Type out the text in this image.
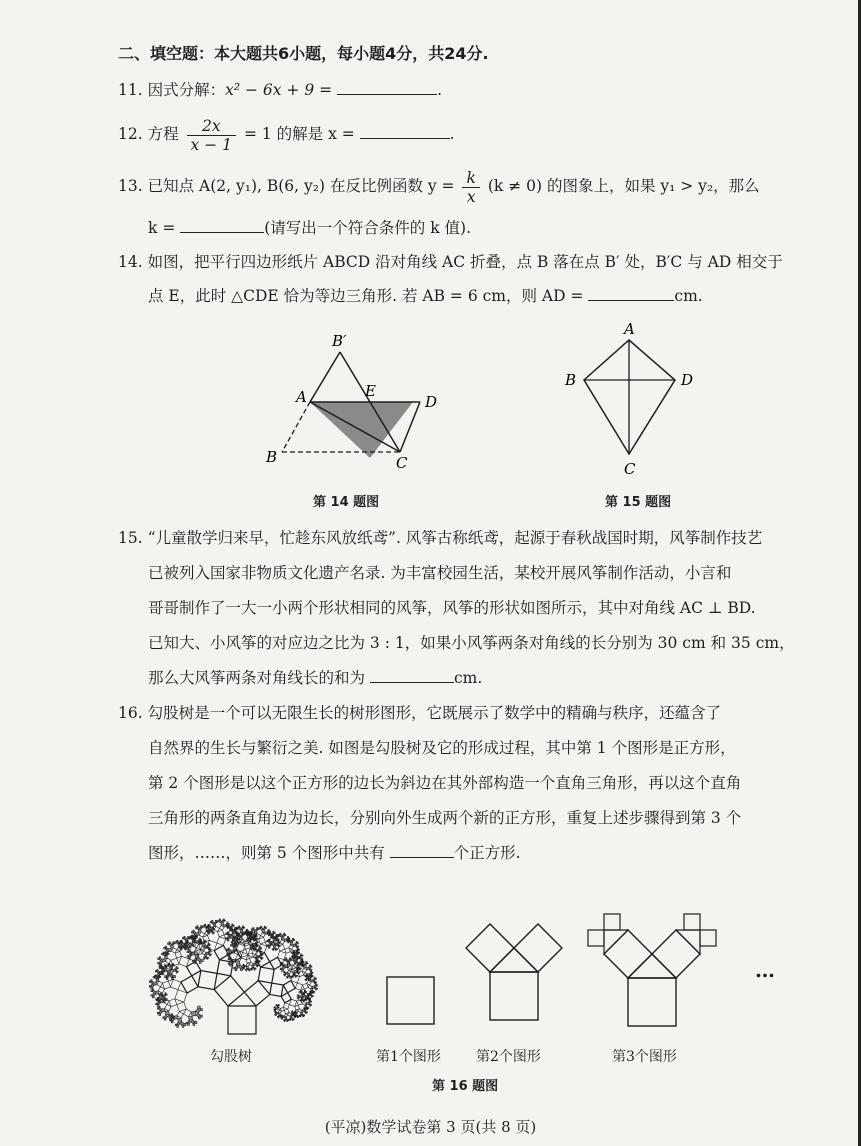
二、填空题：本大题共6小题，每小题4分，共24分.
11. 因式分解：x² − 6x + 9 =	.
12. 方程 $\frac{2x}{x - 1} = 1$ 的解是 x =	.
13. 已知点 A(2, y₁), B(6, y₂) 在反比例函数 $y = \frac{k}{x} (k \ne 0)$ 的图象上，如果 y₁ > y₂，那么
k =	(请写出一个符合条件的 k 值).
14. 如图，把平行四边形纸片 ABCD 沿对角线 AC 折叠，点 B 落在点 B′ 处，B′C 与 AD 相交于
点 E，此时 △CDE 恰为等边三角形. 若 AB = 6 cm，则 AD =	cm.
B′
A	E
D
B	C
第 14 题图
A
B	D
C
第 15 题图
15. “儿童散学归来早，忙趁东风放纸鸢”. 风筝古称纸鸢，起源于春秋战国时期，风筝制作技艺
已被列入国家非物质文化遗产名录. 为丰富校园生活，某校开展风筝制作活动，小言和
哥哥制作了一大一小两个形状相同的风筝，风筝的形状如图所示，其中对角线 AC ⊥ BD.
已知大、小风筝的对应边之比为 3 : 1，如果小风筝两条对角线的长分别为 30 cm 和 35 cm，
那么大风筝两条对角线长的和为	cm.
16. 勾股树是一个可以无限生长的树形图形，它既展示了数学中的精确与秩序，还蕴含了
自然界的生长与繁衍之美. 如图是勾股树及它的形成过程，其中第 1 个图形是正方形，
第 2 个图形是以这个正方形的边长为斜边在其外部构造一个直角三角形，再以这个直角
三角形的两条直角边为边长，分别向外生成两个新的正方形，重复上述步骤得到第 3 个
图形，……，则第 5 个图形中共有	个正方形.
…
勾股树	第1个图形	第2个图形	第3个图形
第 16 题图
(平凉)数学试卷第 3 页(共 8 页)
